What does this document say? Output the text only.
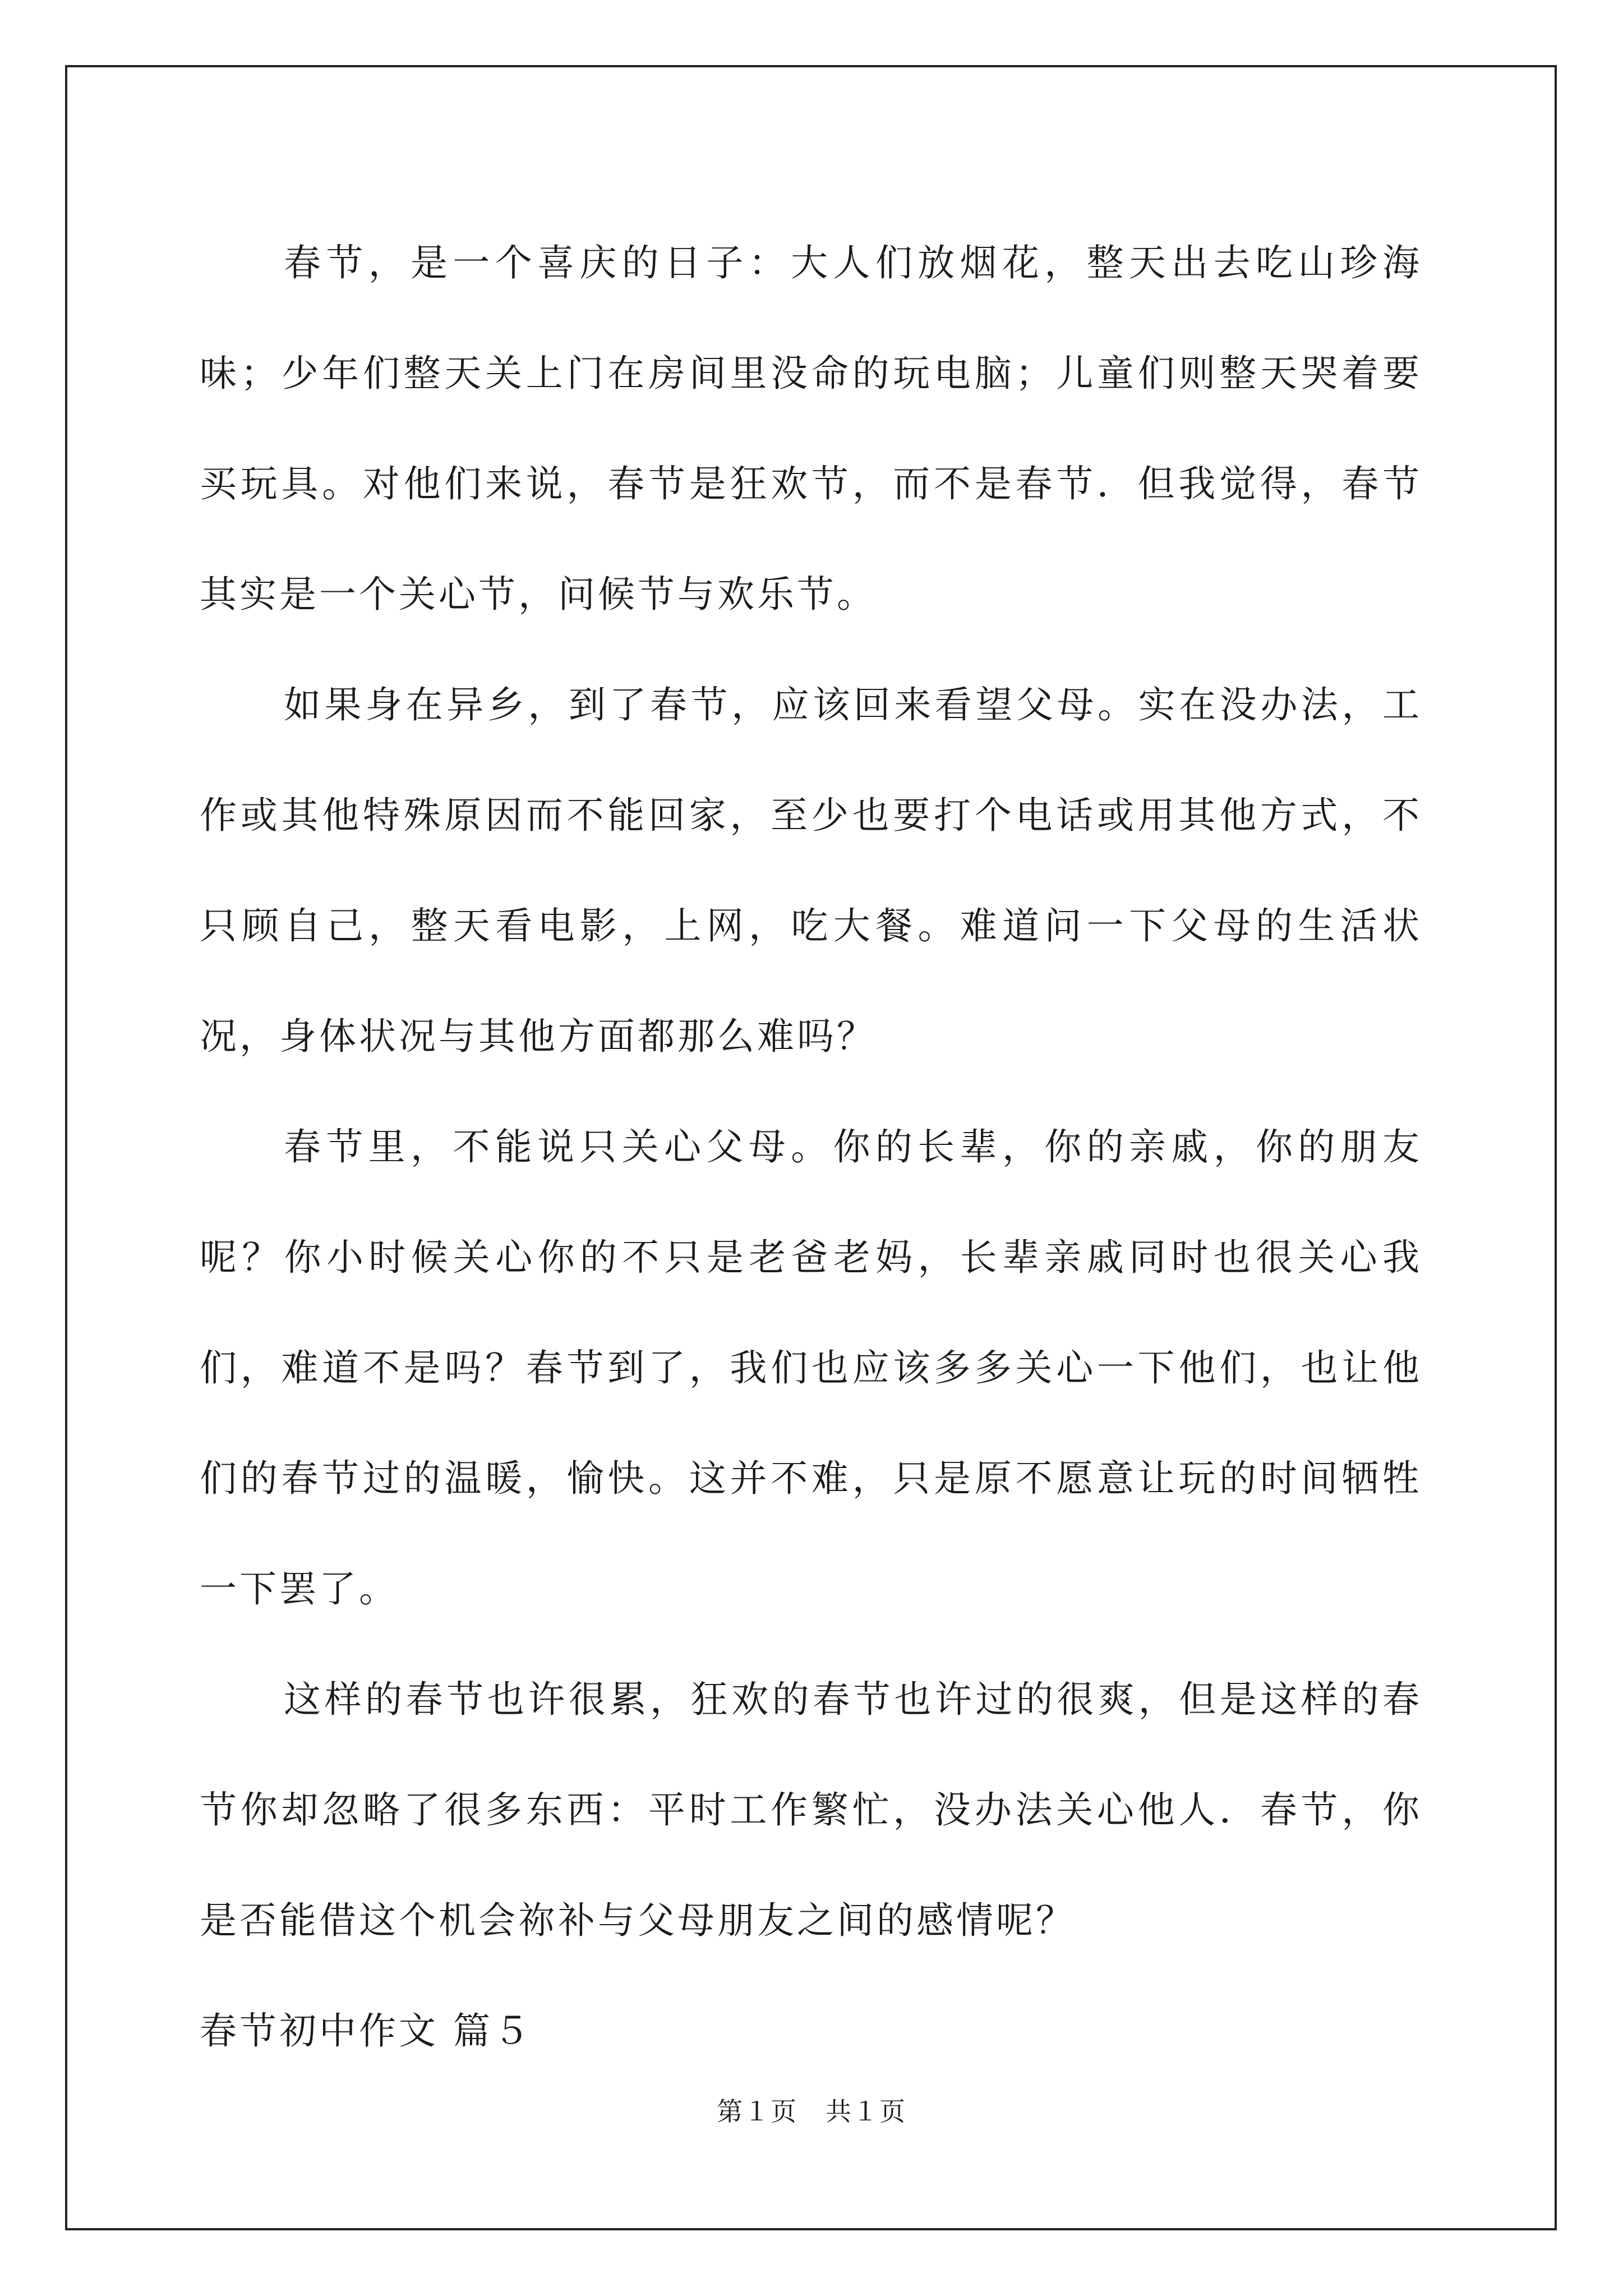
春节，是一个喜庆的日子：大人们放烟花，整天出去吃山珍海味；少年们整天关上门在房间里没命的玩电脑；儿童们则整天哭着要买玩具。对他们来说，春节是狂欢节，而不是春节．但我觉得，春节其实是一个关心节，问候节与欢乐节。

如果身在异乡，到了春节，应该回来看望父母。实在没办法，工作或其他特殊原因而不能回家，至少也要打个电话或用其他方式，不只顾自己，整天看电影，上网，吃大餐。难道问一下父母的生活状况，身体状况与其他方面都那么难吗？

春节里，不能说只关心父母。你的长辈，你的亲戚，你的朋友呢？你小时候关心你的不只是老爸老妈，长辈亲戚同时也很关心我们，难道不是吗？春节到了，我们也应该多多关心一下他们，也让他们的春节过的温暖，愉快。这并不难，只是原不愿意让玩的时间牺牲一下罢了。

这样的春节也许很累，狂欢的春节也许过的很爽，但是这样的春节你却忽略了很多东西：平时工作繁忙，没办法关心他人．春节，你是否能借这个机会祢补与父母朋友之间的感情呢？

春节初中作文 篇５

第１页 共１页
